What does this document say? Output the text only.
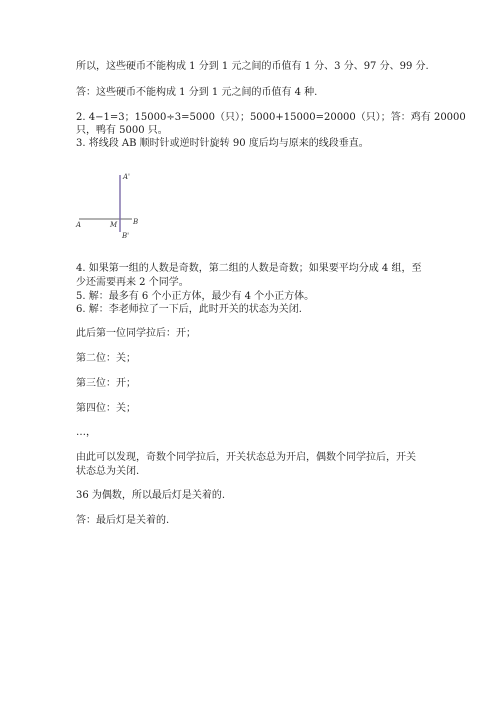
所以，这些硬币不能构成 1 分到 1 元之间的币值有 1 分、3 分、97 分、99 分.
答：这些硬币不能构成 1 分到 1 元之间的币值有 4 种.
2. 4−1=3；15000÷3=5000（只）；5000+15000=20000（只）；答：鸡有 20000
只，鸭有 5000 只。
3. 将线段 AB 顺时针或逆时针旋转 90 度后均与原来的线段垂直。
A'
A	M B
B'
4. 如果第一组的人数是奇数，第二组的人数是奇数；如果要平均分成 4 组，至
少还需要再来 2 个同学。
5. 解：最多有 6 个小正方体，最少有 4 个小正方体。
6. 解：李老师拉了一下后，此时开关的状态为关闭.
此后第一位同学拉后：开；
第二位：关；
第三位：开；
第四位：关；
…，
由此可以发现，奇数个同学拉后，开关状态总为开启，偶数个同学拉后，开关
状态总为关闭.
36 为偶数，所以最后灯是关着的.
答：最后灯是关着的.
